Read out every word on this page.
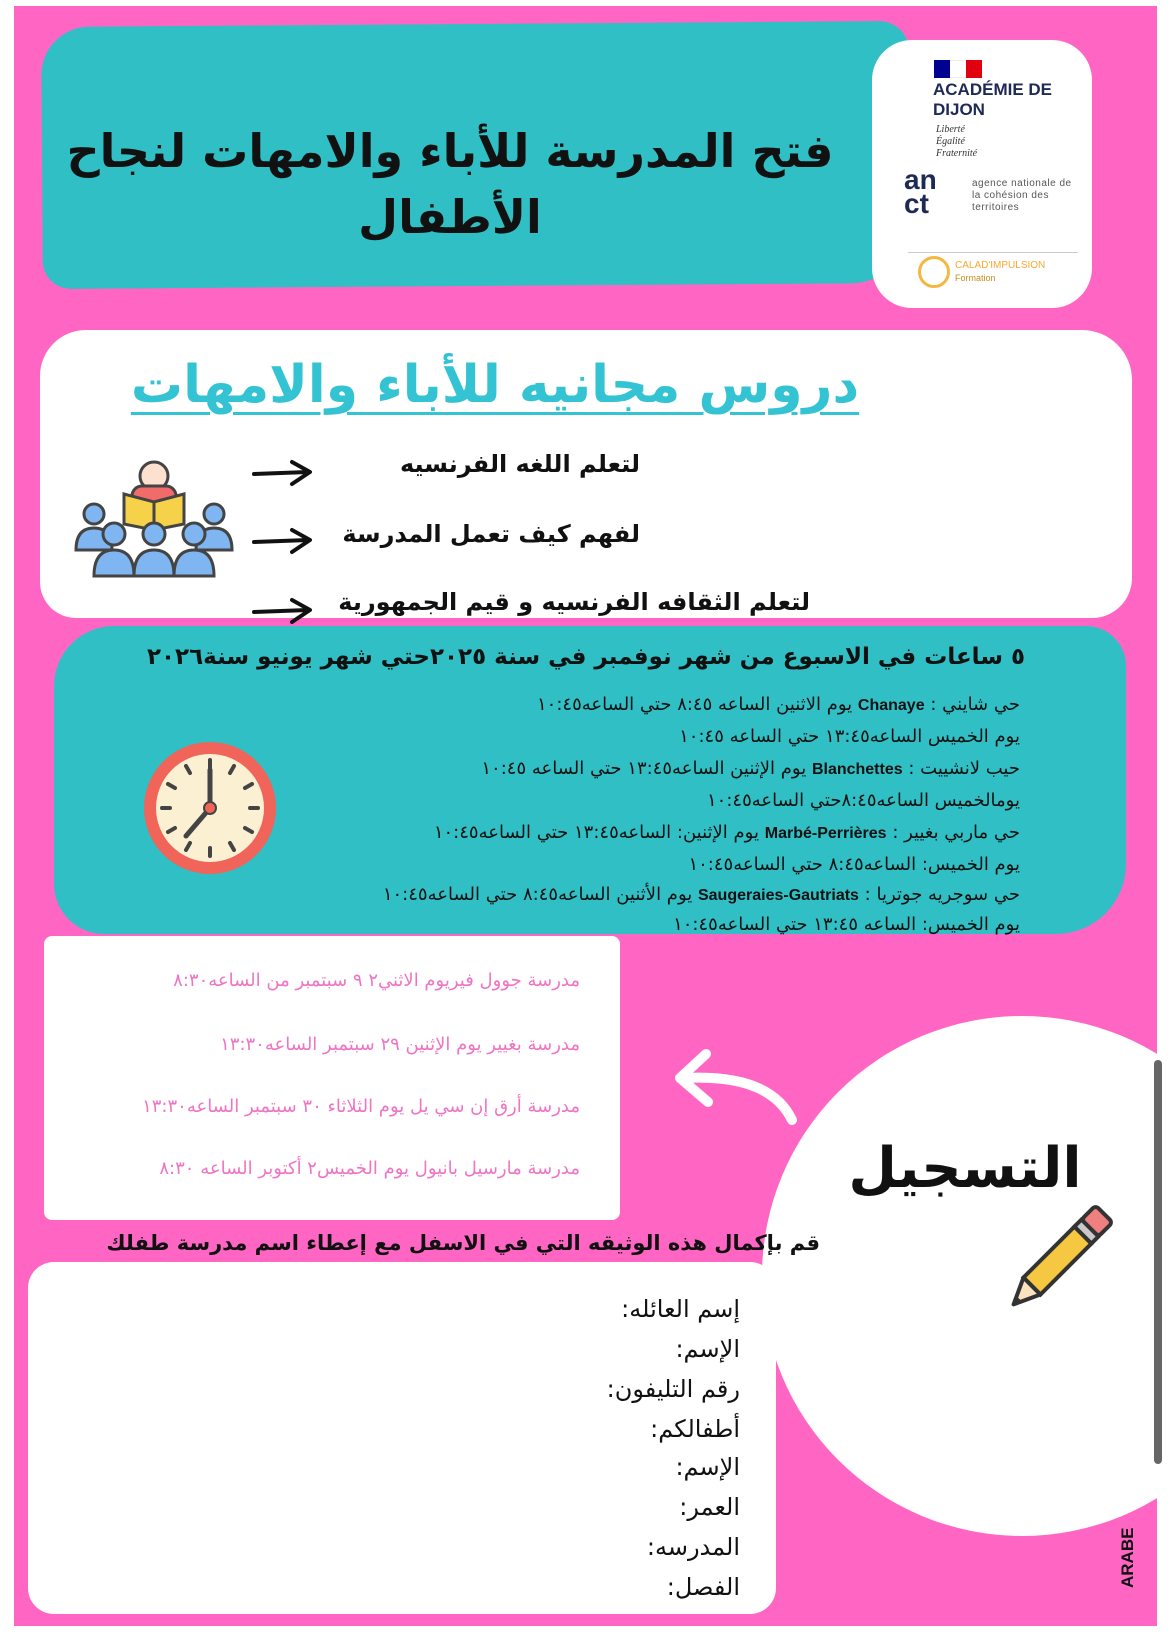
فتح المدرسة للأباء والامهات لنجاح الأطفال
ACADÉMIE DE DIJON
Liberté
Égalité
Fraternité
an ct
agence nationale de la cohésion des territoires
CALAD'IMPULSION
Formation
دروس مجانيه للأباء والامهات
لتعلم اللغه الفرنسيه
لفهم كيف تعمل المدرسة
لتعلم الثقافه الفرنسيه و قيم الجمهورية
٥ ساعات في الاسبوع من شهر نوفمبر في سنة ٢٠٢٥حتي شهر يونيو سنة٢٠٢٦
حي شايني : Chanaye يوم الاثنين الساعه ٨:٤٥ حتي الساعه١٠:٤٥
يوم الخميس الساعه١٣:٤٥ حتي الساعه ١٠:٤٥
حيب لانشييت : Blanchettes يوم الإثنين الساعه١٣:٤٥ حتي الساعه ١٠:٤٥
يومالخميس الساعه٨:٤٥حتي الساعه١٠:٤٥
حي ماربي بغيير : Marbé-Perrières يوم الإثنين: الساعه١٣:٤٥ حتي الساعه١٠:٤٥
يوم الخميس: الساعه٨:٤٥ حتي الساعه١٠:٤٥
حي سوجريه جوتريا : Saugeraies-Gautriats يوم الأثنين الساعه٨:٤٥ حتي الساعه١٠:٤٥
يوم الخميس: الساعه ١٣:٤٥ حتي الساعه١٠:٤٥
مدرسة جوول فيريوم الاثني٢ ٩ سبتمبر من الساعه٨:٣٠
مدرسة بغيير يوم الإثنين ٢٩ سبتمبر الساعه١٣:٣٠
مدرسة أرق إن سي يل يوم الثلاثاء ٣٠ سبتمبر الساعه١٣:٣٠
مدرسة مارسيل بانيول يوم الخميس٢ أكتوبر الساعه ٨:٣٠	التسجيل
قم بإكمال هذه الوثيقه التي في الاسفل مع إعطاء اسم مدرسة طفلك
إسم العائله:
الإسم:
رقم التليفون:
أطفالكم:
الإسم:
العمر:
المدرسه:
الفصل:	ARABE
